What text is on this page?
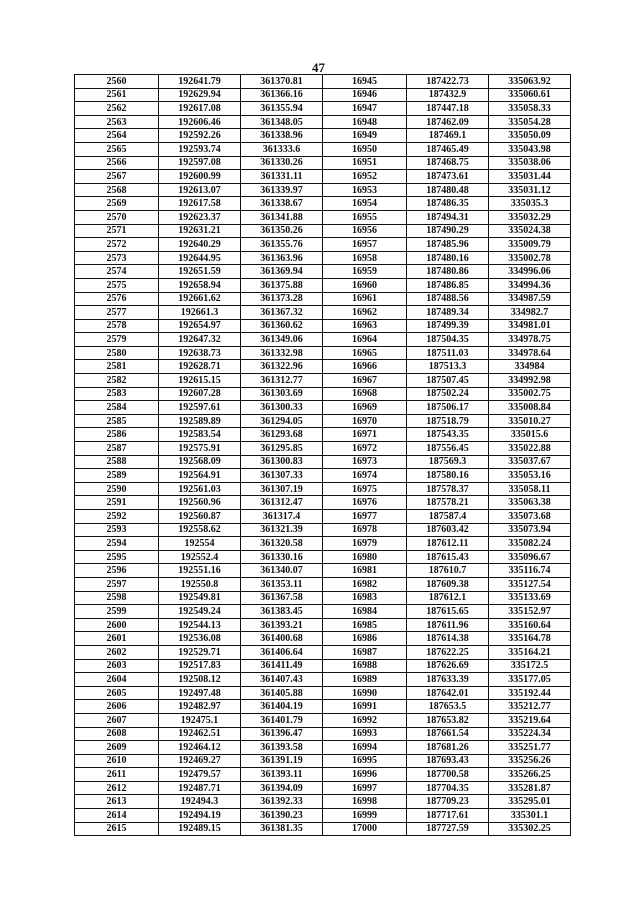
47
2560	192641.79	361370.81	16945	187422.73	335063.92
2561	192629.94	361366.16	16946	187432.9	335060.61
2562	192617.08	361355.94	16947	187447.18	335058.33
2563	192606.46	361348.05	16948	187462.09	335054.28
2564	192592.26	361338.96	16949	187469.1	335050.09
2565	192593.74	361333.6	16950	187465.49	335043.98
2566	192597.08	361330.26	16951	187468.75	335038.06
2567	192600.99	361331.11	16952	187473.61	335031.44
2568	192613.07	361339.97	16953	187480.48	335031.12
2569	192617.58	361338.67	16954	187486.35	335035.3
2570	192623.37	361341.88	16955	187494.31	335032.29
2571	192631.21	361350.26	16956	187490.29	335024.38
2572	192640.29	361355.76	16957	187485.96	335009.79
2573	192644.95	361363.96	16958	187480.16	335002.78
2574	192651.59	361369.94	16959	187480.86	334996.06
2575	192658.94	361375.88	16960	187486.85	334994.36
2576	192661.62	361373.28	16961	187488.56	334987.59
2577	192661.3	361367.32	16962	187489.34	334982.7
2578	192654.97	361360.62	16963	187499.39	334981.01
2579	192647.32	361349.06	16964	187504.35	334978.75
2580	192638.73	361332.98	16965	187511.03	334978.64
2581	192628.71	361322.96	16966	187513.3	334984
2582	192615.15	361312.77	16967	187507.45	334992.98
2583	192607.28	361303.69	16968	187502.24	335002.75
2584	192597.61	361300.33	16969	187506.17	335008.84
2585	192589.89	361294.05	16970	187518.79	335010.27
2586	192583.54	361293.68	16971	187543.35	335015.6
2587	192575.91	361295.85	16972	187556.45	335022.88
2588	192568.09	361300.83	16973	187569.3	335037.67
2589	192564.91	361307.33	16974	187580.16	335053.16
2590	192561.03	361307.19	16975	187578.37	335058.11
2591	192560.96	361312.47	16976	187578.21	335063.38
2592	192560.87	361317.4	16977	187587.4	335073.68
2593	192558.62	361321.39	16978	187603.42	335073.94
2594	192554	361320.58	16979	187612.11	335082.24
2595	192552.4	361330.16	16980	187615.43	335096.67
2596	192551.16	361340.07	16981	187610.7	335116.74
2597	192550.8	361353.11	16982	187609.38	335127.54
2598	192549.81	361367.58	16983	187612.1	335133.69
2599	192549.24	361383.45	16984	187615.65	335152.97
2600	192544.13	361393.21	16985	187611.96	335160.64
2601	192536.08	361400.68	16986	187614.38	335164.78
2602	192529.71	361406.64	16987	187622.25	335164.21
2603	192517.83	361411.49	16988	187626.69	335172.5
2604	192508.12	361407.43	16989	187633.39	335177.05
2605	192497.48	361405.88	16990	187642.01	335192.44
2606	192482.97	361404.19	16991	187653.5	335212.77
2607	192475.1	361401.79	16992	187653.82	335219.64
2608	192462.51	361396.47	16993	187661.54	335224.34
2609	192464.12	361393.58	16994	187681.26	335251.77
2610	192469.27	361391.19	16995	187693.43	335256.26
2611	192479.57	361393.11	16996	187700.58	335266.25
2612	192487.71	361394.09	16997	187704.35	335281.87
2613	192494.3	361392.33	16998	187709.23	335295.01
2614	192494.19	361390.23	16999	187717.61	335301.1
2615	192489.15	361381.35	17000	187727.59	335302.25
